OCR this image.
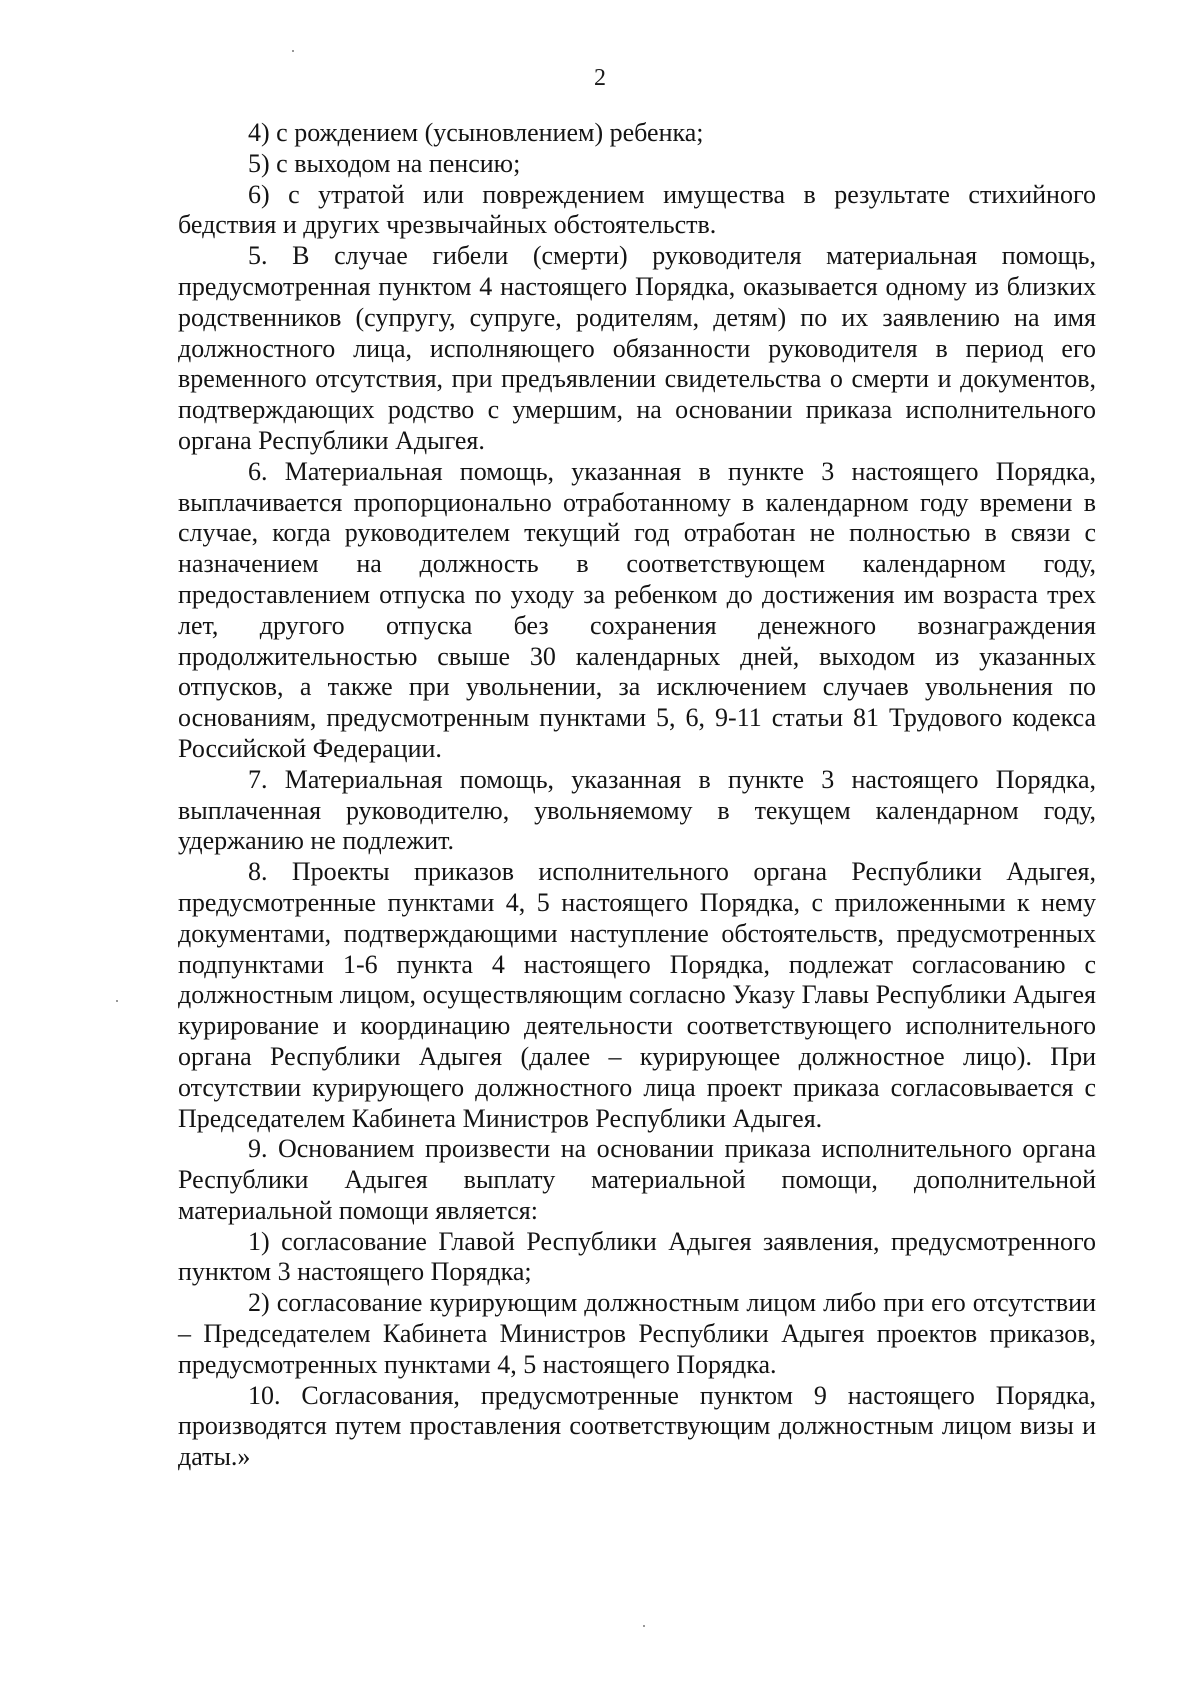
2

4) с рождением (усыновлением) ребенка;

5) с выходом на пенсию;

6) с утратой или повреждением имущества в результате стихийного бедствия и других чрезвычайных обстоятельств.

5. В случае гибели (смерти) руководителя материальная помощь, предусмотренная пунктом 4 настоящего Порядка, оказывается одному из близких родственников (супругу, супруге, родителям, детям) по их заявлению на имя должностного лица, исполняющего обязанности руководителя в период его временного отсутствия, при предъявлении свидетельства о смерти и документов, подтверждающих родство с умершим, на основании приказа исполнительного органа Республики Адыгея.

6. Материальная помощь, указанная в пункте 3 настоящего Порядка, выплачивается пропорционально отработанному в календарном году времени в случае, когда руководителем текущий год отработан не полностью в связи с назначением на должность в соответствующем календарном году, предоставлением отпуска по уходу за ребенком до достижения им возраста трех лет, другого отпуска без сохранения денежного вознаграждения продолжительностью свыше 30 календарных дней, выходом из указанных отпусков, а также при увольнении, за исключением случаев увольнения по основаниям, предусмотренным пунктами 5, 6, 9-11 статьи 81 Трудового кодекса Российской Федерации.

7. Материальная помощь, указанная в пункте 3 настоящего Порядка, выплаченная руководителю, увольняемому в текущем календарном году, удержанию не подлежит.

8. Проекты приказов исполнительного органа Республики Адыгея, предусмотренные пунктами 4, 5 настоящего Порядка, с приложенными к нему документами, подтверждающими наступление обстоятельств, предусмотренных подпунктами 1-6 пункта 4 настоящего Порядка, подлежат согласованию с должностным лицом, осуществляющим согласно Указу Главы Республики Адыгея курирование и координацию деятельности соответствующего исполнительного органа Республики Адыгея (далее – курирующее должностное лицо). При отсутствии курирующего должностного лица проект приказа согласовывается с Председателем Кабинета Министров Республики Адыгея.

9. Основанием произвести на основании приказа исполнительного органа Республики Адыгея выплату материальной помощи, дополнительной материальной помощи является:

1) согласование Главой Республики Адыгея заявления, предусмотренного пунктом 3 настоящего Порядка;

2) согласование курирующим должностным лицом либо при его отсутствии – Председателем Кабинета Министров Республики Адыгея проектов приказов, предусмотренных пунктами 4, 5 настоящего Порядка.

10. Согласования, предусмотренные пунктом 9 настоящего Порядка, производятся путем проставления соответствующим должностным лицом визы и даты.»
